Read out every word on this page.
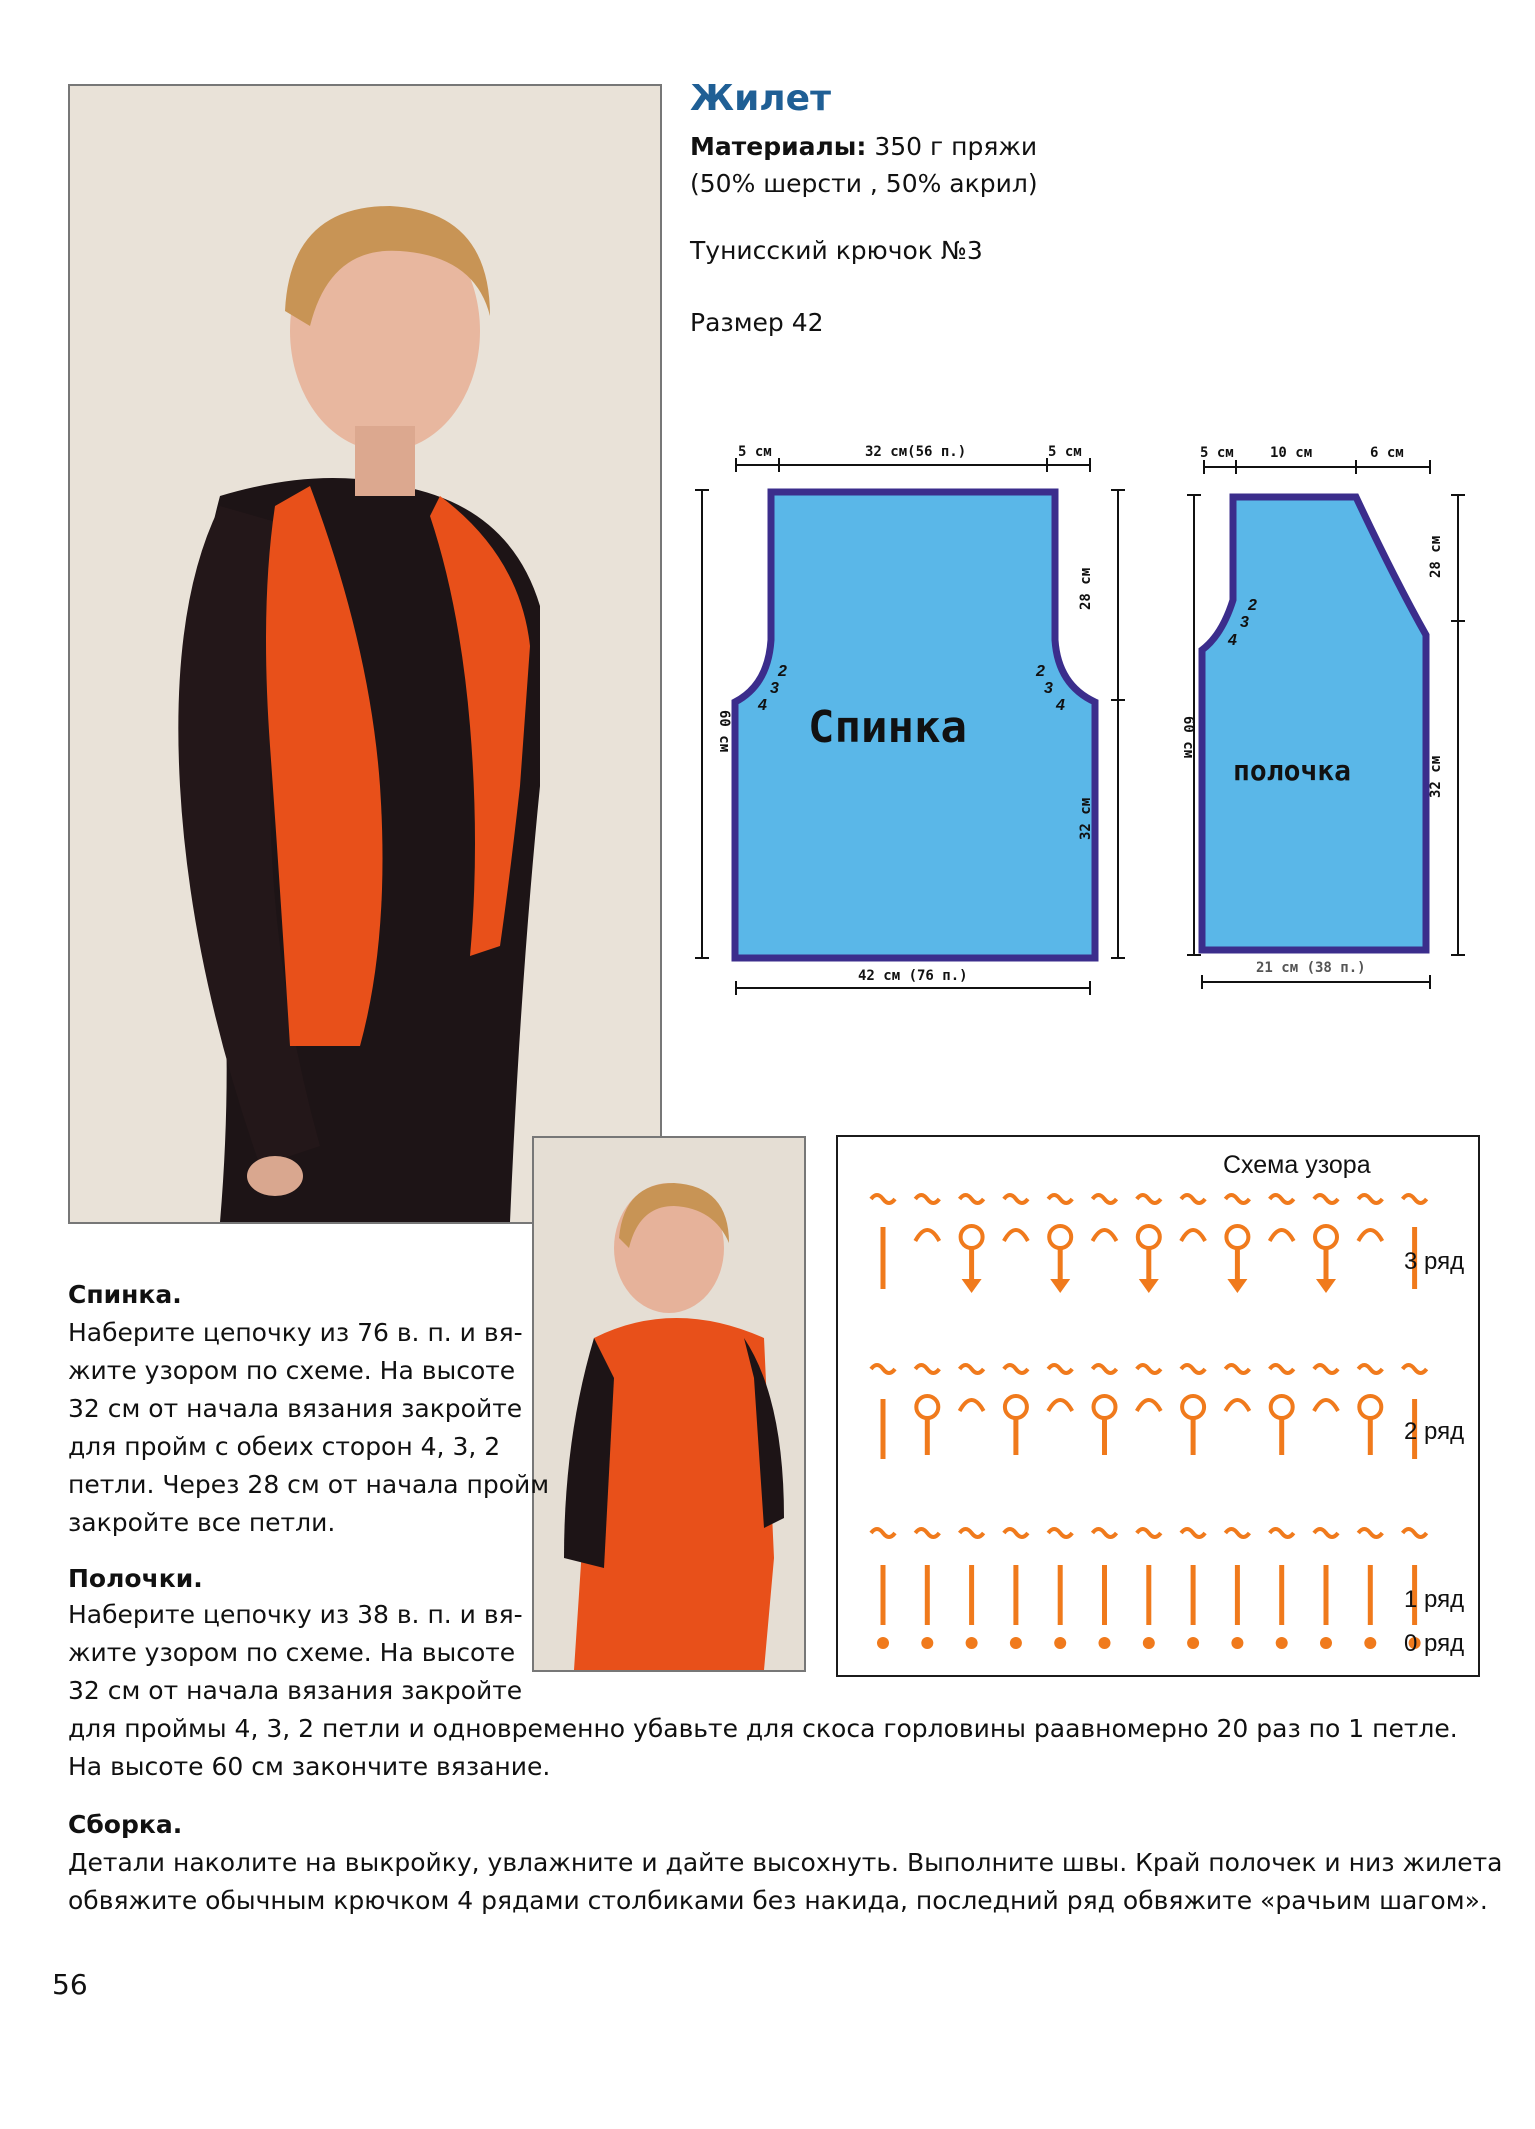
Жилет
Материалы: 350 г пряжи
(50% шерсти , 50% акрил)
Тунисский крючок №3
Размер 42
5 см	32 см(56 п.)	5 см
42 см (76 п.)
60 см
28 см
32 см
2
3
4
2
3
4
Спинка
5 см	10 см	6 см
21 см (38 п.)
60 см
28 см
32 см
2
3
4
полочка
Схема узора
3 ряд
2 ряд
1 ряд
0 ряд
Спинка.
Наберите цепочку из 76 в. п. и вя-
жите узором по схеме. На высоте
32 см от начала вязания закройте
для пройм с обеих сторон 4, 3, 2
петли. Через 28 см от начала пройм
закройте все петли.
Полочки.
Наберите цепочку из 38 в. п. и вя-
жите узором по схеме. На высоте
32 см от начала вязания закройте
для проймы 4, 3, 2 петли и одновременно убавьте для скоса горловины раавномерно 20 раз по 1 петле.
На высоте 60 см закончите вязание.
Сборка.
Детали наколите на выкройку, увлажните и дайте высохнуть. Выполните швы. Край полочек и низ жилета
обвяжите обычным крючком 4 рядами столбиками без накида, последний ряд обвяжите «рачьим шагом».
56
